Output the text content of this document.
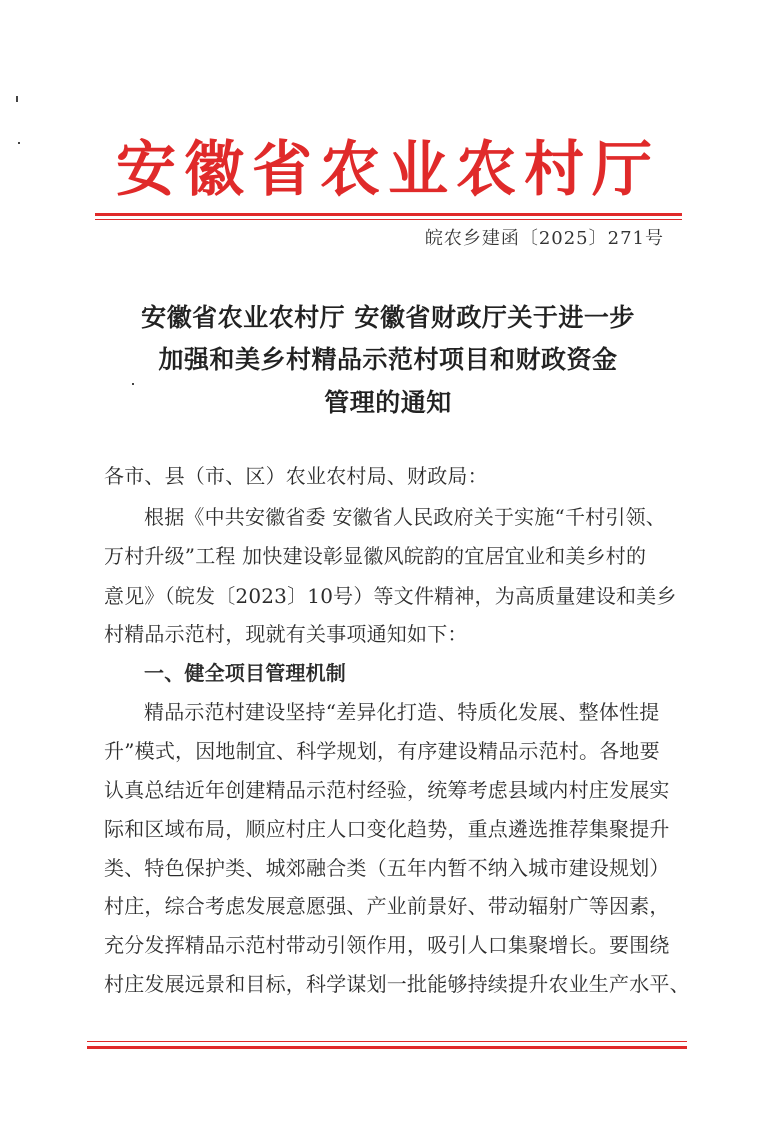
安徽省农业农村厅
皖农乡建函〔2025〕271号
安徽省农业农村厅 安徽省财政厅关于进一步
加强和美乡村精品示范村项目和财政资金
管理的通知
各市、县（市、区）农业农村局、财政局：
根据《中共安徽省委 安徽省人民政府关于实施“千村引领、
万村升级”工程 加快建设彰显徽风皖韵的宜居宜业和美乡村的
意见》（皖发〔2023〕10号）等文件精神，为高质量建设和美乡
村精品示范村，现就有关事项通知如下：
一、健全项目管理机制
精品示范村建设坚持“差异化打造、特质化发展、整体性提
升”模式，因地制宜、科学规划，有序建设精品示范村。各地要
认真总结近年创建精品示范村经验，统筹考虑县域内村庄发展实
际和区域布局，顺应村庄人口变化趋势，重点遴选推荐集聚提升
类、特色保护类、城郊融合类（五年内暂不纳入城市建设规划）
村庄，综合考虑发展意愿强、产业前景好、带动辐射广等因素，
充分发挥精品示范村带动引领作用，吸引人口集聚增长。要围绕
村庄发展远景和目标，科学谋划一批能够持续提升农业生产水平、
